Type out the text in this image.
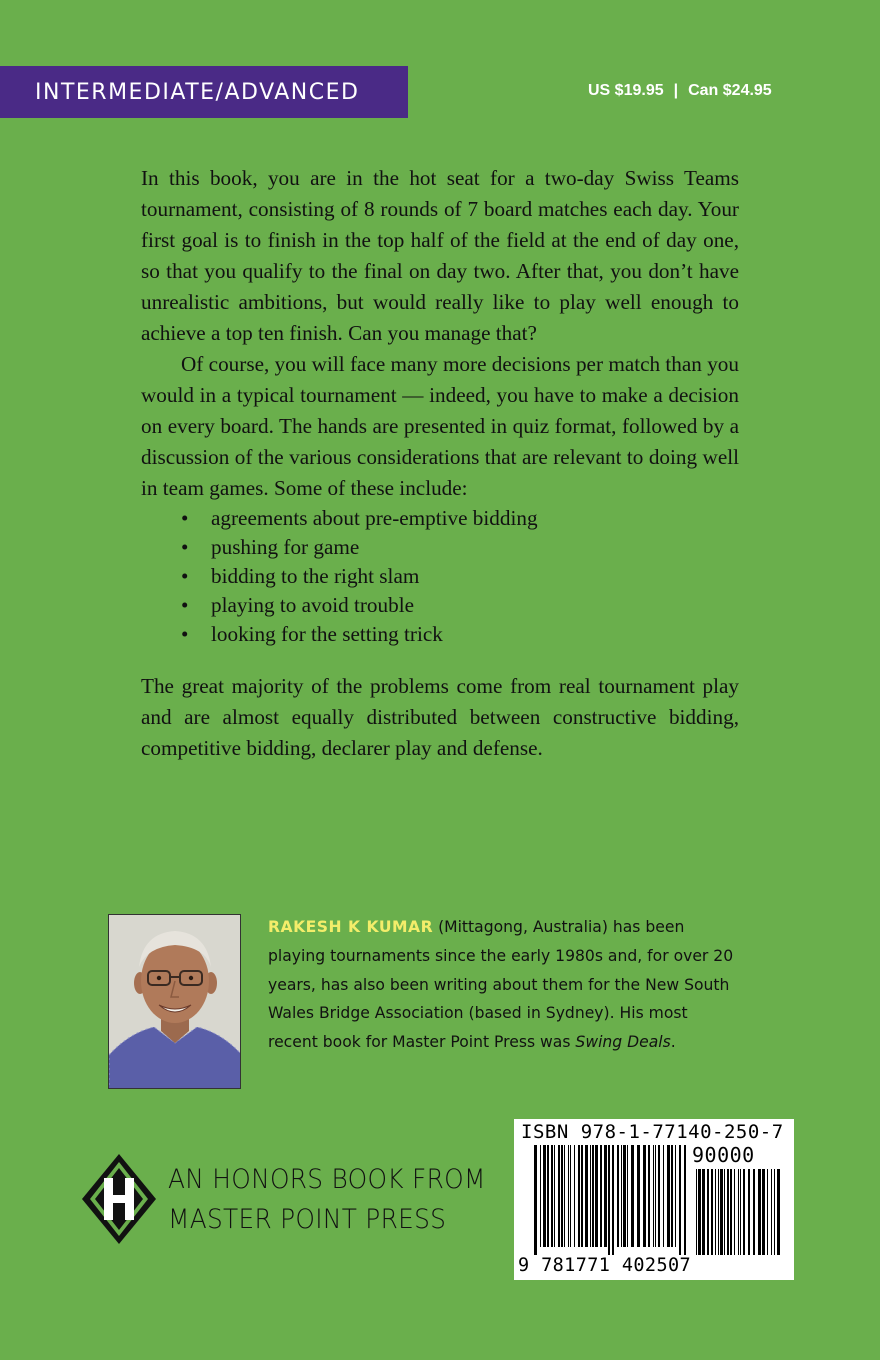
INTERMEDIATE/ADVANCED	US $19.95 | Can $24.95

In this book, you are in the hot seat for a two-day Swiss Teams tournament, consisting of 8 rounds of 7 board matches each day. Your first goal is to finish in the top half of the field at the end of day one, so that you qualify to the final on day two. After that, you don’t have unrealistic ambitions, but would really like to play well enough to achieve a top ten finish. Can you manage that?

Of course, you will face many more decisions per match than you would in a typical tournament — indeed, you have to make a decision on every board. The hands are presented in quiz format, followed by a discussion of the various considerations that are relevant to doing well in team games. Some of these include:

• agreements about pre-emptive bidding
• pushing for game
• bidding to the right slam
• playing to avoid trouble
• looking for the setting trick

The great majority of the problems come from real tournament play and are almost equally distributed between constructive bidding, competitive bidding, declarer play and defense.

RAKESH K KUMAR (Mittagong, Australia) has been playing tournaments since the early 1980s and, for over 20 years, has also been writing about them for the New South Wales Bridge Association (based in Sydney). His most recent book for Master Point Press was Swing Deals.
AN HONORS BOOK FROM
MASTER POINT PRESS
ISBN 978-1-77140-250-7
90000
9 781771 402507
